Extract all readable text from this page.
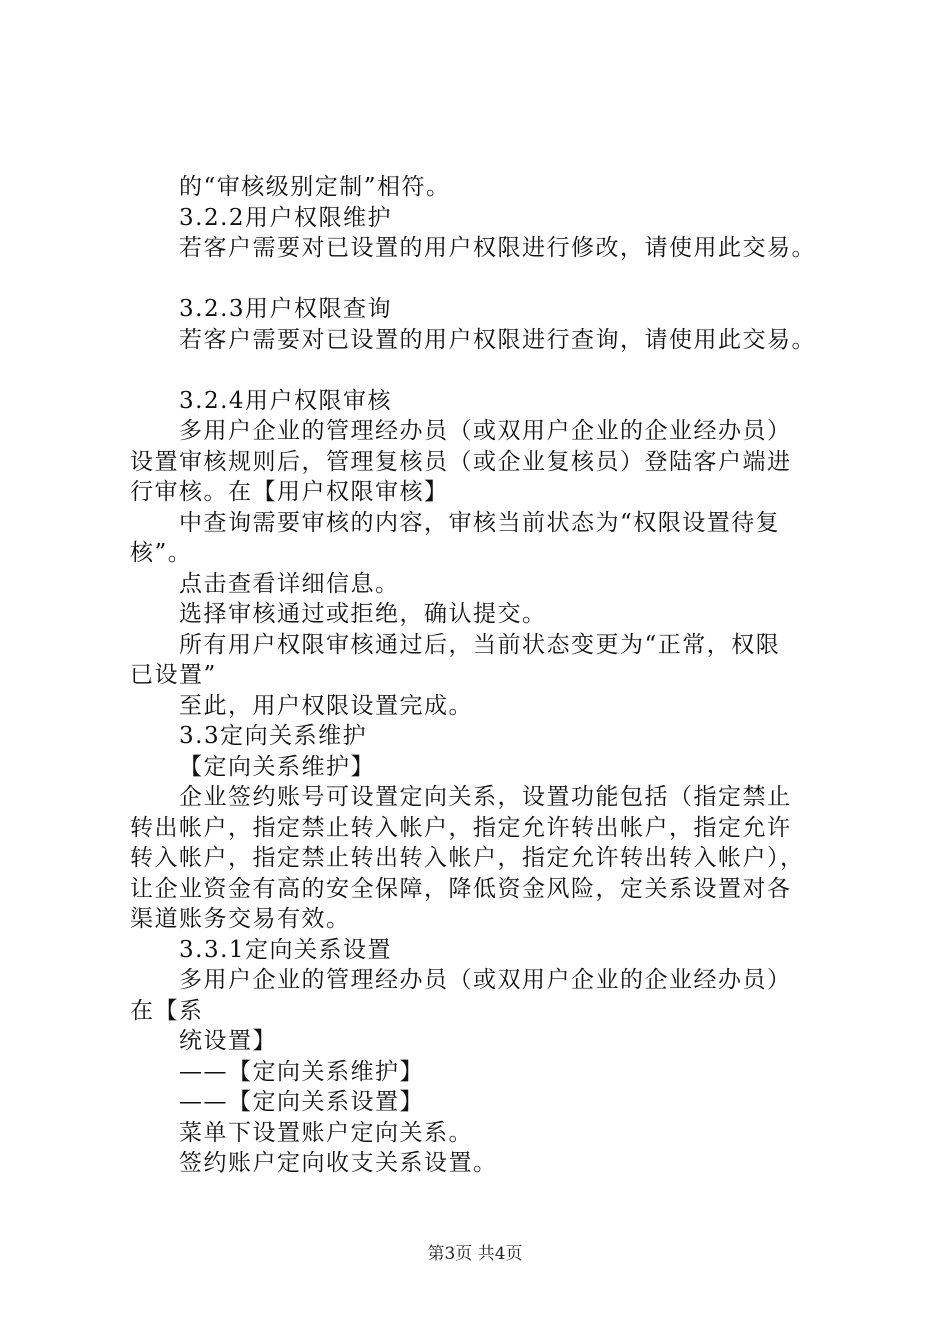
的“审核级别定制”相符。
3.2.2用户权限维护
若客户需要对已设置的用户权限进行修改，请使用此交易。
3.2.3用户权限查询
若客户需要对已设置的用户权限进行查询，请使用此交易。
3.2.4用户权限审核
多用户企业的管理经办员（或双用户企业的企业经办员）
设置审核规则后，管理复核员（或企业复核员）登陆客户端进
行审核。在【用户权限审核】
中查询需要审核的内容，审核当前状态为“权限设置待复
核”。
点击查看详细信息。
选择审核通过或拒绝，确认提交。
所有用户权限审核通过后，当前状态变更为“正常，权限
已设置”
至此，用户权限设置完成。
3.3定向关系维护
【定向关系维护】
企业签约账号可设置定向关系，设置功能包括（指定禁止
转出帐户，指定禁止转入帐户，指定允许转出帐户，指定允许
转入帐户，指定禁止转出转入帐户，指定允许转出转入帐户），
让企业资金有高的安全保障，降低资金风险，定关系设置对各
渠道账务交易有效。
3.3.1定向关系设置
多用户企业的管理经办员（或双用户企业的企业经办员）
在【系
统设置】
——【定向关系维护】
——【定向关系设置】
菜单下设置账户定向关系。
签约账户定向收支关系设置。
第3页 共4页
